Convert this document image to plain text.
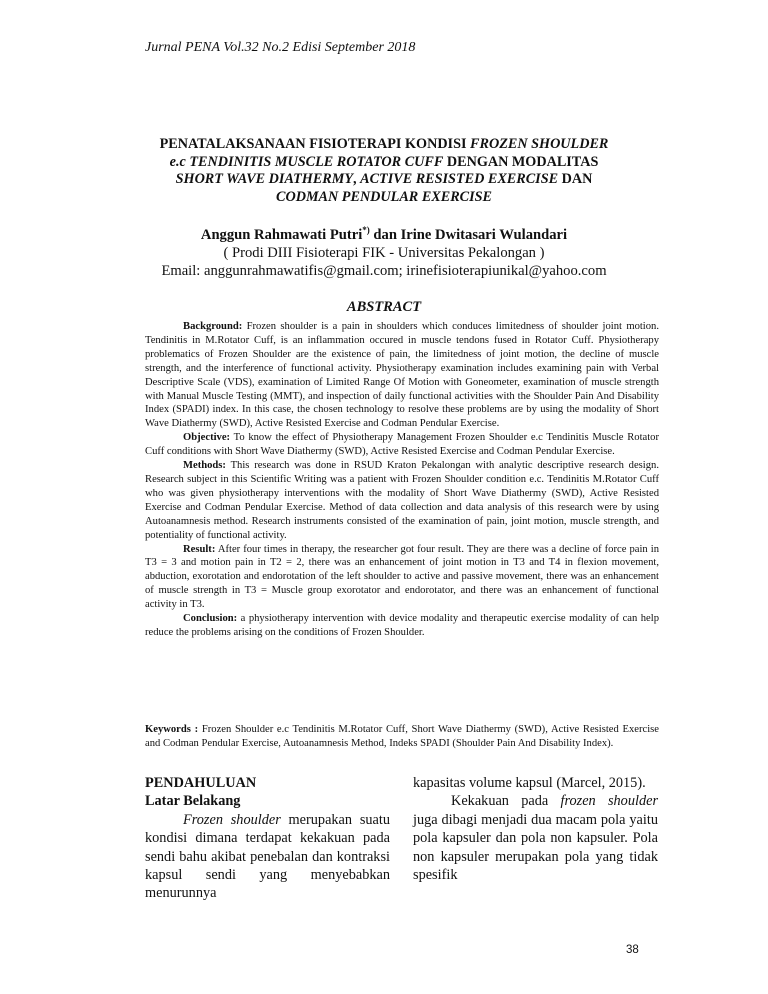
Jurnal PENA Vol.32 No.2 Edisi September 2018
PENATALAKSANAAN FISIOTERAPI KONDISI FROZEN SHOULDER
e.c TENDINITIS MUSCLE ROTATOR CUFF DENGAN MODALITAS
SHORT WAVE DIATHERMY, ACTIVE RESISTED EXERCISE DAN
CODMAN PENDULAR EXERCISE
Anggun Rahmawati Putri*) dan Irine Dwitasari Wulandari
( Prodi DIII Fisioterapi FIK - Universitas Pekalongan )
Email: anggunrahmawatifis@gmail.com; irinefisioterapiunikal@yahoo.com
ABSTRACT

Background: Frozen shoulder is a pain in shoulders which conduces limitedness of shoulder joint motion. Tendinitis in M.Rotator Cuff, is an inflammation occured in muscle tendons fused in Rotator Cuff. Physiotherapy problematics of Frozen Shoulder are the existence of pain, the limitedness of joint motion, the decline of muscle strength, and the interference of functional activity. Physiotherapy examination includes examining pain with Verbal Descriptive Scale (VDS), examination of Limited Range Of Motion with Goneometer, examination of muscle strength with Manual Muscle Testing (MMT), and inspection of daily functional activities with the Shoulder Pain And Disability Index (SPADI) index. In this case, the chosen technology to resolve these problems are by using the modality of Short Wave Diathermy (SWD), Active Resisted Exercise and Codman Pendular Exercise.

Objective: To know the effect of Physiotherapy Management Frozen Shoulder e.c Tendinitis Muscle Rotator Cuff conditions with Short Wave Diathermy (SWD), Active Resisted Exercise and Codman Pendular Exercise.

Methods: This research was done in RSUD Kraton Pekalongan with analytic descriptive research design. Research subject in this Scientific Writing was a patient with Frozen Shoulder condition e.c. Tendinitis M.Rotator Cuff who was given physiotherapy interventions with the modality of Short Wave Diathermy (SWD), Active Resisted Exercise and Codman Pendular Exercise. Method of data collection and data analysis of this research were by using Autoanamnesis method. Research instruments consisted of the examination of pain, joint motion, muscle strength, and potentiality of functional activity.

Result: After four times in therapy, the researcher got four result. They are there was a decline of force pain in T3 = 3 and motion pain in T2 = 2, there was an enhancement of joint motion in T3 and T4 in flexion movement, abduction, exorotation and endorotation of the left shoulder to active and passive movement, there was an enhancement of muscle strength in T3 = Muscle group exorotator and endorotator, and there was an enhancement of functional activity in T3.

Conclusion: a physiotherapy intervention with device modality and therapeutic exercise modality of can help reduce the problems arising on the conditions of Frozen Shoulder.

Keywords : Frozen Shoulder e.c Tendinitis M.Rotator Cuff, Short Wave Diathermy (SWD), Active Resisted Exercise and Codman Pendular Exercise, Autoanamnesis Method, Indeks SPADI (Shoulder Pain And Disability Index).
PENDAHULUAN
Latar Belakang

Frozen shoulder merupakan suatu kondisi dimana terdapat kekakuan pada sendi bahu akibat penebalan dan kontraksi kapsul sendi yang menyebabkan menurunnya

kapasitas volume kapsul (Marcel, 2015).

Kekakuan pada frozen shoulder juga dibagi menjadi dua macam pola yaitu pola kapsuler dan pola non kapsuler. Pola non kapsuler merupakan pola yang tidak spesifik

38
